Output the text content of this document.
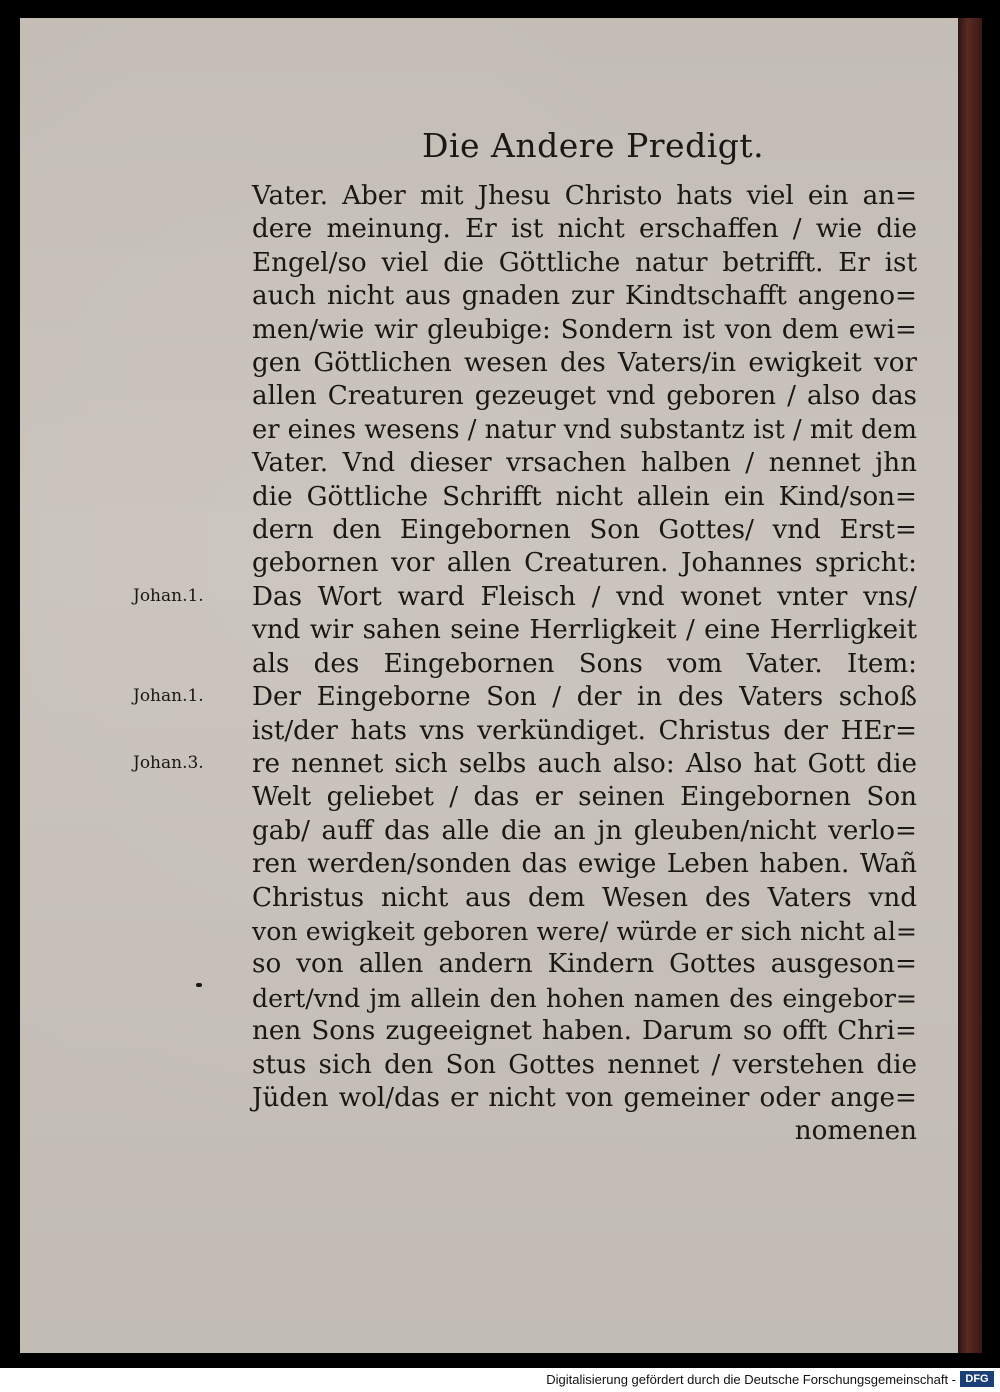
Die Andere Predigt.
Vater. Aber mit Jhesu Christo hats viel ein an=
dere meinung. Er ist nicht erschaffen / wie die
Engel/so viel die Göttliche natur betrifft. Er ist
auch nicht aus gnaden zur Kindtschafft angeno=
men/wie wir gleubige: Sondern ist von dem ewi=
gen Göttlichen wesen des Vaters/in ewigkeit vor
allen Creaturen gezeuget vnd geboren / also das
er eines wesens / natur vnd substantz ist / mit dem
Vater. Vnd dieser vrsachen halben / nennet jhn
die Göttliche Schrifft nicht allein ein Kind/son=
dern den Eingebornen Son Gottes/ vnd Erst=
gebornen vor allen Creaturen. Johannes spricht:
Das Wort ward Fleisch / vnd wonet vnter vns/
vnd wir sahen seine Herrligkeit / eine Herrligkeit
als des Eingebornen Sons vom Vater. Item:
Der Eingeborne Son / der in des Vaters schoß
ist/der hats vns verkündiget. Christus der HEr=
re nennet sich selbs auch also: Also hat Gott die
Welt geliebet / das er seinen Eingebornen Son
gab/ auff das alle die an jn gleuben/nicht verlo=
ren werden/sonden das ewige Leben haben. Wañ
Christus nicht aus dem Wesen des Vaters vnd
von ewigkeit geboren were/ würde er sich nicht al=
so von allen andern Kindern Gottes ausgeson=
dert/vnd jm allein den hohen namen des eingebor=
nen Sons zugeeignet haben. Darum so offt Chri=
stus sich den Son Gottes nennet / verstehen die
Jüden wol/das er nicht von gemeiner oder ange=
nomenen
Johan.1.
Johan.1.
Johan.3.
Digitalisierung gefördert durch die Deutsche Forschungsgemeinschaft - DFG
